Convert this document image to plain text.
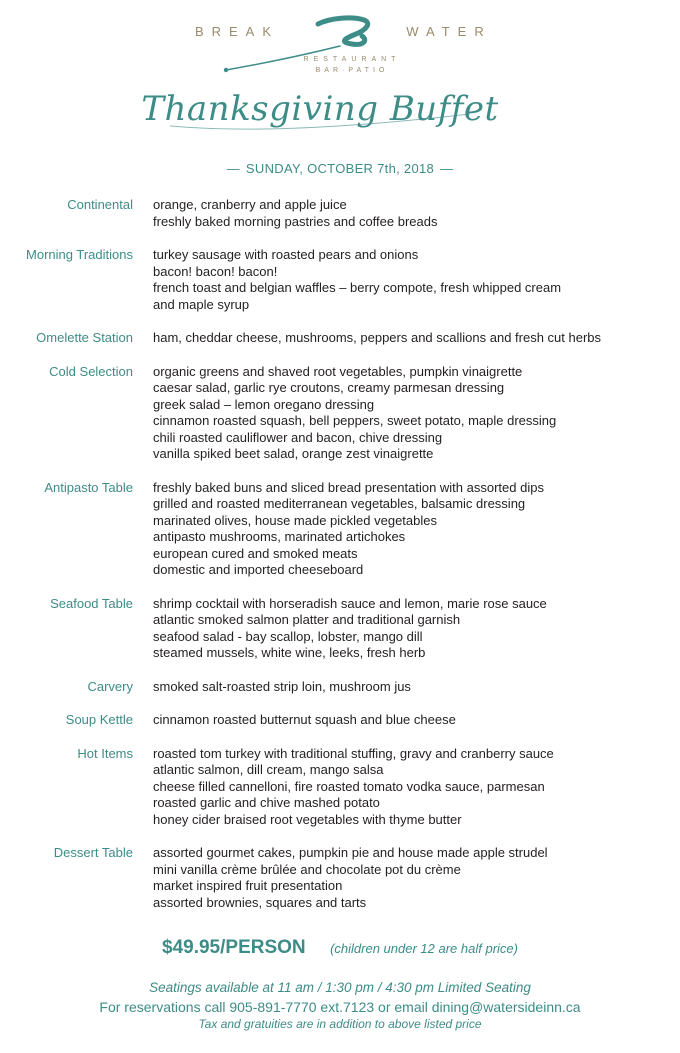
BREAK	WATER
RESTAURANT
BAR·PATIO
Thanksgiving Buffet
— SUNDAY, OCTOBER 7th, 2018 —
Continental orange, cranberry and apple juice
freshly baked morning pastries and coffee breads
Morning Traditions turkey sausage with roasted pears and onions
bacon! bacon! bacon!
french toast and belgian waffles – berry compote, fresh whipped cream
and maple syrup
Omelette Station ham, cheddar cheese, mushrooms, peppers and scallions and fresh cut herbs
Cold Selection organic greens and shaved root vegetables, pumpkin vinaigrette
caesar salad, garlic rye croutons, creamy parmesan dressing
greek salad – lemon oregano dressing
cinnamon roasted squash, bell peppers, sweet potato, maple dressing
chili roasted cauliflower and bacon, chive dressing
vanilla spiked beet salad, orange zest vinaigrette
Antipasto Table freshly baked buns and sliced bread presentation with assorted dips
grilled and roasted mediterranean vegetables, balsamic dressing
marinated olives, house made pickled vegetables
antipasto mushrooms, marinated artichokes
european cured and smoked meats
domestic and imported cheeseboard
Seafood Table shrimp cocktail with horseradish sauce and lemon, marie rose sauce
atlantic smoked salmon platter and traditional garnish
seafood salad - bay scallop, lobster, mango dill
steamed mussels, white wine, leeks, fresh herb
Carvery smoked salt-roasted strip loin, mushroom jus
Soup Kettle cinnamon roasted butternut squash and blue cheese
Hot Items roasted tom turkey with traditional stuffing, gravy and cranberry sauce
atlantic salmon, dill cream, mango salsa
cheese filled cannelloni, fire roasted tomato vodka sauce, parmesan
roasted garlic and chive mashed potato
honey cider braised root vegetables with thyme butter
Dessert Table assorted gourmet cakes, pumpkin pie and house made apple strudel
mini vanilla crème brûlée and chocolate pot du crème
market inspired fruit presentation
assorted brownies, squares and tarts
$49.95/PERSON (children under 12 are half price)
Seatings available at 11 am / 1:30 pm / 4:30 pm Limited Seating
For reservations call 905-891-7770 ext.7123 or email dining@watersideinn.ca
Tax and gratuities are in addition to above listed price
